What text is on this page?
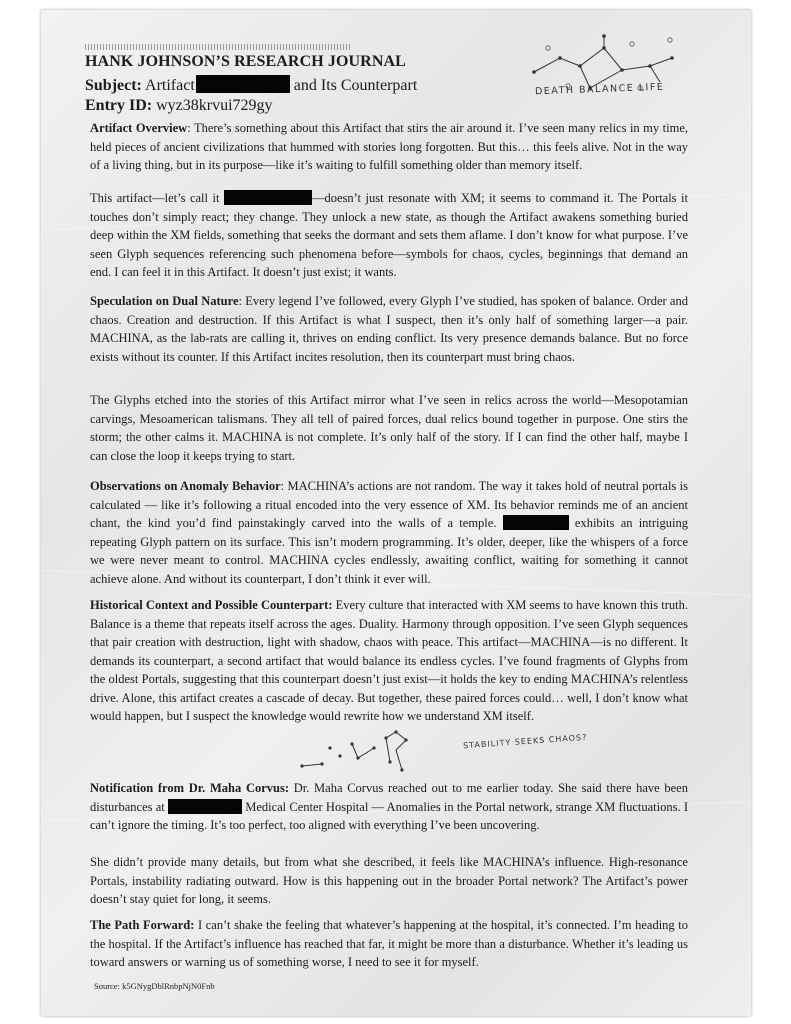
HANK JOHNSON’S RESEARCH JOURNAL
Subject: Artifact	and Its Counterpart
Entry ID: wyz38krvui729gy
DEATH BALANCE LIFE
Artifact Overview: There’s something about this Artifact that stirs the air around it. I’ve seen many relics in my time, held pieces of ancient civilizations that hummed with stories long forgotten. But this… this feels alive. Not in the way of a living thing, but in its purpose—like it’s waiting to fulfill something older than memory itself.
This artifact—let’s call it	—doesn’t just resonate with XM; it seems to command it. The Portals it touches don’t simply react; they change. They unlock a new state, as though the Artifact awakens something buried deep within the XM fields, something that seeks the dormant and sets them aflame. I don’t know for what purpose. I’ve seen Glyph sequences referencing such phenomena before—symbols for chaos, cycles, beginnings that demand an end. I can feel it in this Artifact. It doesn’t just exist; it wants.
Speculation on Dual Nature: Every legend I’ve followed, every Glyph I’ve studied, has spoken of balance. Order and chaos. Creation and destruction. If this Artifact is what I suspect, then it’s only half of something larger—a pair. MACHINA, as the lab-rats are calling it, thrives on ending conflict. Its very presence demands balance. But no force exists without its counter. If this Artifact incites resolution, then its counterpart must bring chaos.
The Glyphs etched into the stories of this Artifact mirror what I’ve seen in relics across the world—Mesopotamian carvings, Mesoamerican talismans. They all tell of paired forces, dual relics bound together in purpose. One stirs the storm; the other calms it. MACHINA is not complete. It’s only half of the story. If I can find the other half, maybe I can close the loop it keeps trying to start.
Observations on Anomaly Behavior: MACHINA’s actions are not random. The way it takes hold of neutral portals is calculated — like it’s following a ritual encoded into the very essence of XM. Its behavior reminds me of an ancient chant, the kind you’d find painstakingly carved into the walls of a temple.	exhibits an intriguing repeating Glyph pattern on its surface. This isn’t modern programming. It’s older, deeper, like the whispers of a force we were never meant to control. MACHINA cycles endlessly, awaiting conflict, waiting for something it cannot achieve alone. And without its counterpart, I don’t think it ever will.
Historical Context and Possible Counterpart: Every culture that interacted with XM seems to have known this truth. Balance is a theme that repeats itself across the ages. Duality. Harmony through opposition. I’ve seen Glyph sequences that pair creation with destruction, light with shadow, chaos with peace. This artifact—MACHINA—is no different. It demands its counterpart, a second artifact that would balance its endless cycles. I’ve found fragments of Glyphs from the oldest Portals, suggesting that this counterpart doesn’t just exist—it holds the key to ending MACHINA’s relentless drive. Alone, this artifact creates a cascade of decay. But together, these paired forces could… well, I don’t know what would happen, but I suspect the knowledge would rewrite how we understand XM itself.
STABILITY SEEKS CHAOS?
Notification from Dr. Maha Corvus: Dr. Maha Corvus reached out to me earlier today. She said there have been disturbances at	Medical Center Hospital — Anomalies in the Portal network, strange XM fluctuations. I can’t ignore the timing. It’s too perfect, too aligned with everything I’ve been uncovering.
She didn’t provide many details, but from what she described, it feels like MACHINA’s influence. High-resonance Portals, instability radiating outward. How is this happening out in the broader Portal network? The Artifact’s power doesn’t stay quiet for long, it seems.
The Path Forward: I can’t shake the feeling that whatever’s happening at the hospital, it’s connected. I’m heading to the hospital. If the Artifact’s influence has reached that far, it might be more than a disturbance. Whether it’s leading us toward answers or warning us of something worse, I need to see it for myself.
Source: k5GNygDblRnbpNjN0Fnb
